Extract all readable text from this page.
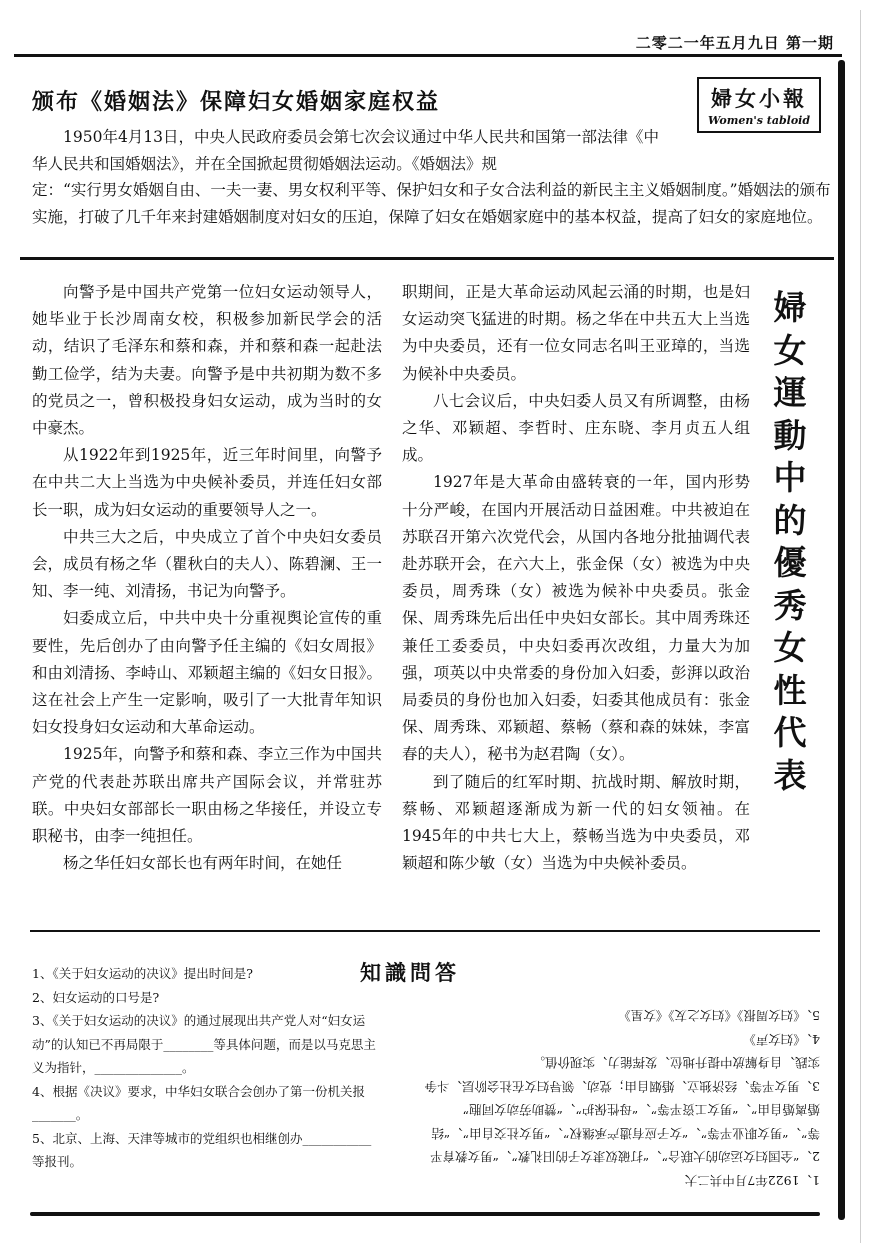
二零二一年五月九日 第一期
颁布《婚姻法》保障妇女婚姻家庭权益	婦女小報
Women's tabloid

1950年4月13日，中央人民政府委员会第七次会议通过中华人民共和国第一部法律《中华人民共和国婚姻法》，并在全国掀起贯彻婚姻法运动。《婚姻法》规

定：“实行男女婚姻自由、一夫一妻、男女权利平等、保护妇女和子女合法利益的新民主主义婚姻制度。”婚姻法的颁布实施，打破了几千年来封建婚姻制度对妇女的压迫，保障了妇女在婚姻家庭中的基本权益，提高了妇女的家庭地位。

向警予是中国共产党第一位妇女运动领导人，她毕业于长沙周南女校，积极参加新民学会的活动，结识了毛泽东和蔡和森，并和蔡和森一起赴法勤工俭学，结为夫妻。向警予是中共初期为数不多的党员之一，曾积极投身妇女运动，成为当时的女中豪杰。

从1922年到1925年，近三年时间里，向警予在中共二大上当选为中央候补委员，并连任妇女部长一职，成为妇女运动的重要领导人之一。

中共三大之后，中央成立了首个中央妇女委员会，成员有杨之华（瞿秋白的夫人）、陈碧澜、王一知、李一纯、刘清扬，书记为向警予。

妇委成立后，中共中央十分重视舆论宣传的重要性，先后创办了由向警予任主编的《妇女周报》和由刘清扬、李峙山、邓颖超主编的《妇女日报》。这在社会上产生一定影响，吸引了一大批青年知识妇女投身妇女运动和大革命运动。

1925年，向警予和蔡和森、李立三作为中国共产党的代表赴苏联出席共产国际会议，并常驻苏联。中央妇女部部长一职由杨之华接任，并设立专职秘书，由李一纯担任。

杨之华任妇女部长也有两年时间，在她任

职期间，正是大革命运动风起云涌的时期，也是妇女运动突飞猛进的时期。杨之华在中共五大上当选为中央委员，还有一位女同志名叫王亚璋的，当选为候补中央委员。

八七会议后，中央妇委人员又有所调整，由杨之华、邓颖超、李哲时、庄东晓、李月贞五人组成。

1927年是大革命由盛转衰的一年，国内形势十分严峻，在国内开展活动日益困难。中共被迫在苏联召开第六次党代会，从国内各地分批抽调代表赴苏联开会，在六大上，张金保（女）被选为中央委员，周秀珠（女）被选为候补中央委员。张金保、周秀珠先后出任中央妇女部长。其中周秀珠还兼任工委委员，中央妇委再次改组，力量大为加强，项英以中央常委的身份加入妇委，彭湃以政治局委员的身份也加入妇委，妇委其他成员有：张金保、周秀珠、邓颖超、蔡畅（蔡和森的妹妹，李富春的夫人），秘书为赵君陶（女）。

到了随后的红军时期、抗战时期、解放时期，蔡畅、邓颖超逐渐成为新一代的妇女领袖。在1945年的中共七大上，蔡畅当选为中央委员，邓颖超和陈少敏（女）当选为中央候补委员。

婦
女
運
動
中
的
優
秀
女
性
代
表
知識問答

1、《关于妇女运动的决议》提出时间是?

2、妇女运动的口号是?

3、《关于妇女运动的决议》的通过展现出共产党人对“妇女运动”的认知已不再局限于________等具体问题，而是以马克思主义为指针，______________。

4、根据《决议》要求，中华妇女联合会创办了第一份机关报_______。

5、北京、上海、天津等城市的党组织也相继创办___________等报刊。

1、1922年7月中共二大

2、“全国妇女运动的大联合”、“打破奴隶女子的旧礼教”、“男女教育平等”、“男女职业平等”、“女子应有遗产承继权”、“男女社交自由”、“结婚离婚自由”、“男女工资平等”、“母性保护”、“赞助劳动女同胞”

3、男女平等、经济独立、婚姻自由；党动、领导妇女在社会阶层、斗争实践、自身解放中提升地位、发挥能力、实现价值。

4、《妇女声》

5、《妇女周报》《妇女之友》《女星》
